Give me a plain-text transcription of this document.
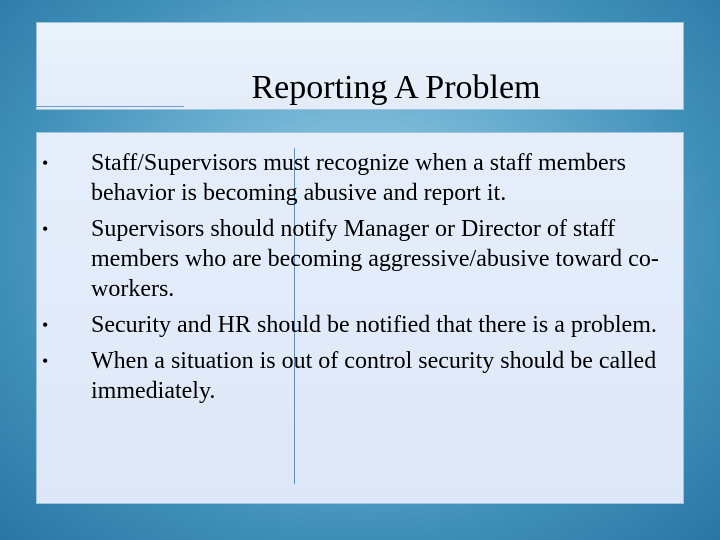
Reporting A Problem
• Staff/Supervisors must recognize when a staff members behavior is becoming abusive and report it.
• Supervisors should notify Manager or Director of staff members who are becoming aggressive/abusive toward co-workers.
• Security and HR should be notified that there is a problem.
• When a situation is out of control security should be called immediately.
